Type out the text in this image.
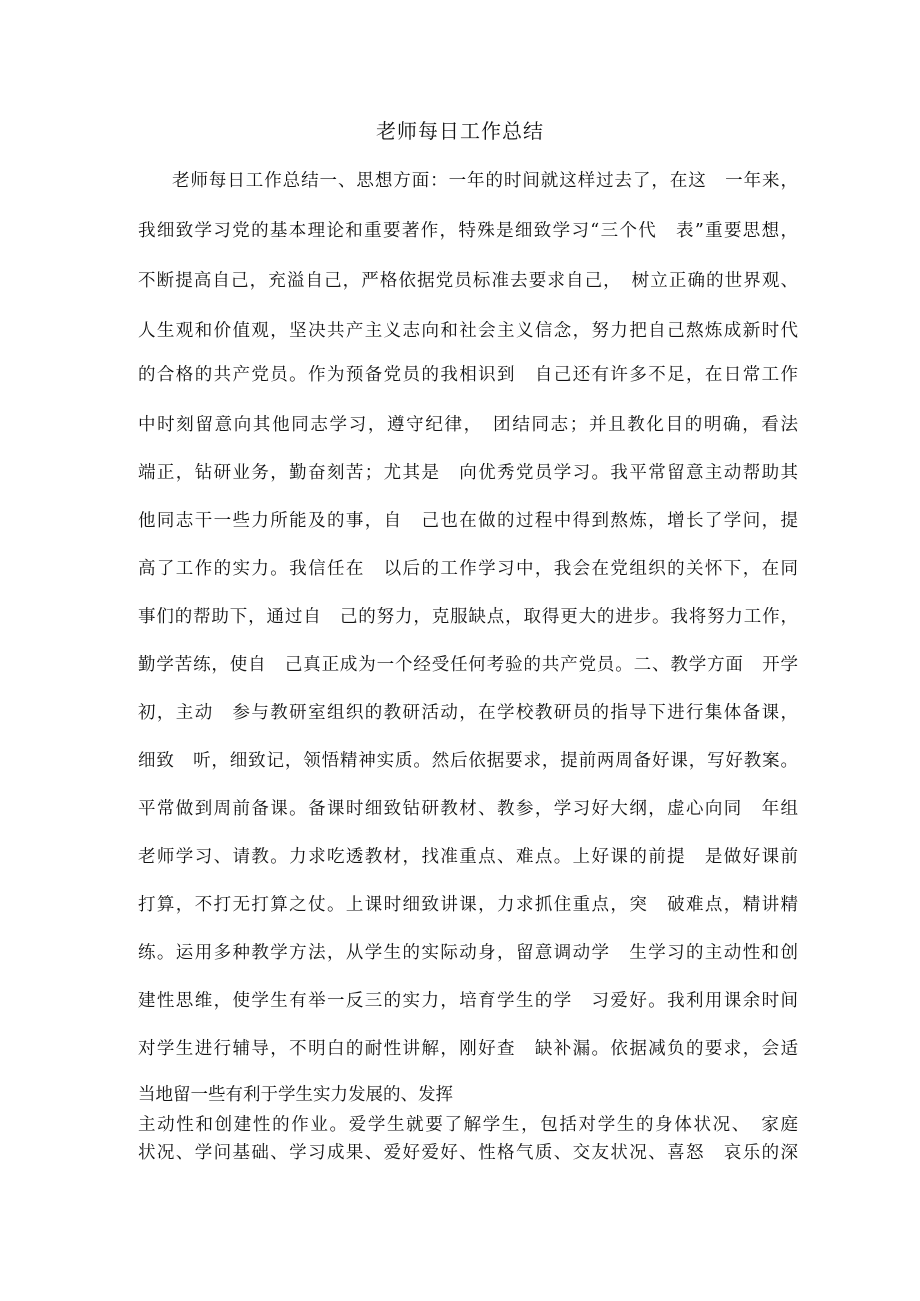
老师每日工作总结
老师每日工作总结一、思想方面：一年的时间就这样过去了，在这　一年来，
我细致学习党的基本理论和重要著作，特殊是细致学习“三个代　表”重要思想，
不断提高自己，充溢自己，严格依据党员标准去要求自己，　树立正确的世界观、
人生观和价值观，坚决共产主义志向和社会主义信念，努力把自己熬炼成新时代
的合格的共产党员。作为预备党员的我相识到　自己还有许多不足，在日常工作
中时刻留意向其他同志学习，遵守纪律，　团结同志；并且教化目的明确，看法
端正，钻研业务，勤奋刻苦；尤其是　向优秀党员学习。我平常留意主动帮助其
他同志干一些力所能及的事，自　己也在做的过程中得到熬炼，增长了学问，提
高了工作的实力。我信任在　以后的工作学习中，我会在党组织的关怀下，在同
事们的帮助下，通过自　己的努力，克服缺点，取得更大的进步。我将努力工作，
勤学苦练，使自　己真正成为一个经受任何考验的共产党员。二、教学方面　开学
初，主动　参与教研室组织的教研活动，在学校教研员的指导下进行集体备课，
细致　听，细致记，领悟精神实质。然后依据要求，提前两周备好课，写好教案。
平常做到周前备课。备课时细致钻研教材、教参，学习好大纲，虚心向同　年组
老师学习、请教。力求吃透教材，找准重点、难点。上好课的前提　是做好课前
打算，不打无打算之仗。上课时细致讲课，力求抓住重点，突　破难点，精讲精
练。运用多种教学方法，从学生的实际动身，留意调动学　生学习的主动性和创
建性思维，使学生有举一反三的实力，培育学生的学　习爱好。我利用课余时间
对学生进行辅导，不明白的耐性讲解，刚好查　缺补漏。依据减负的要求，会适
当地留一些有利于学生实力发展的、发挥
主动性和创建性的作业。爱学生就要了解学生，包括对学生的身体状况、　家庭
状况、学问基础、学习成果、爱好爱好、性格气质、交友状况、喜怒　哀乐的深
